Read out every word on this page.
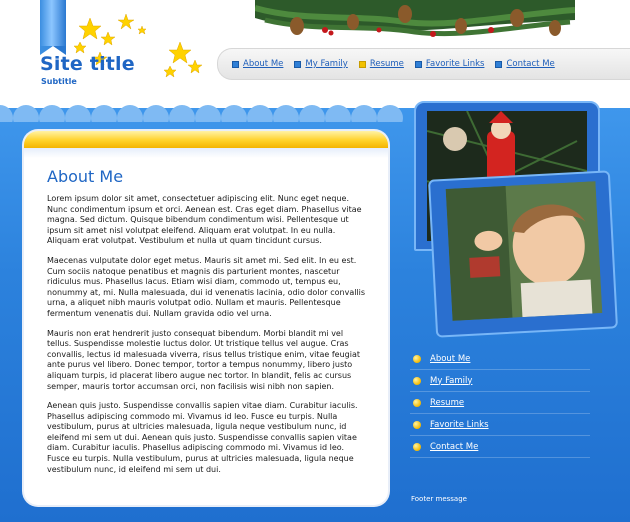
Site title
Subtitle
About Me	My Family	Resume	Favorite Links	Contact Me
About Me

Lorem ipsum dolor sit amet, consectetuer adipiscing elit. Nunc eget neque. Nunc condimentum ipsum et orci. Aenean est. Cras eget diam. Phasellus vitae magna. Sed dictum. Quisque bibendum condimentum wisi. Pellentesque ut ipsum sit amet nisl volutpat eleifend. Aliquam erat volutpat. In eu nulla. Aliquam erat volutpat. Vestibulum et nulla ut quam tincidunt cursus.

Maecenas vulputate dolor eget metus. Mauris sit amet mi. Sed elit. In eu est. Cum sociis natoque penatibus et magnis dis parturient montes, nascetur ridiculus mus. Phasellus lacus. Etiam wisi diam, commodo ut, tempus eu, nonummy at, mi. Nulla malesuada, dui id venenatis lacinia, odio dolor convallis urna, a aliquet nibh mauris volutpat odio. Nullam et mauris. Pellentesque fermentum venenatis dui. Nullam gravida odio vel urna.

Mauris non erat hendrerit justo consequat bibendum. Morbi blandit mi vel tellus. Suspendisse molestie luctus dolor. Ut tristique tellus vel augue. Cras convallis, lectus id malesuada viverra, risus tellus tristique enim, vitae feugiat ante purus vel libero. Donec tempor, tortor a tempus nonummy, libero justo aliquam turpis, id placerat libero augue nec tortor. In blandit, felis ac cursus semper, mauris tortor accumsan orci, non facilisis wisi nibh non sapien.

Aenean quis justo. Suspendisse convallis sapien vitae diam. Curabitur iaculis. Phasellus adipiscing commodo mi. Vivamus id leo. Fusce eu turpis. Nulla vestibulum, purus at ultricies malesuada, ligula neque vestibulum nunc, id eleifend mi sem ut dui. Aenean quis justo. Suspendisse convallis sapien vitae diam. Curabitur iaculis. Phasellus adipiscing commodo mi. Vivamus id leo. Fusce eu turpis. Nulla vestibulum, purus at ultricies malesuada, ligula neque vestibulum nunc, id eleifend mi sem ut dui.

About Me
My Family
Resume
Favorite Links
Contact Me
Footer message
